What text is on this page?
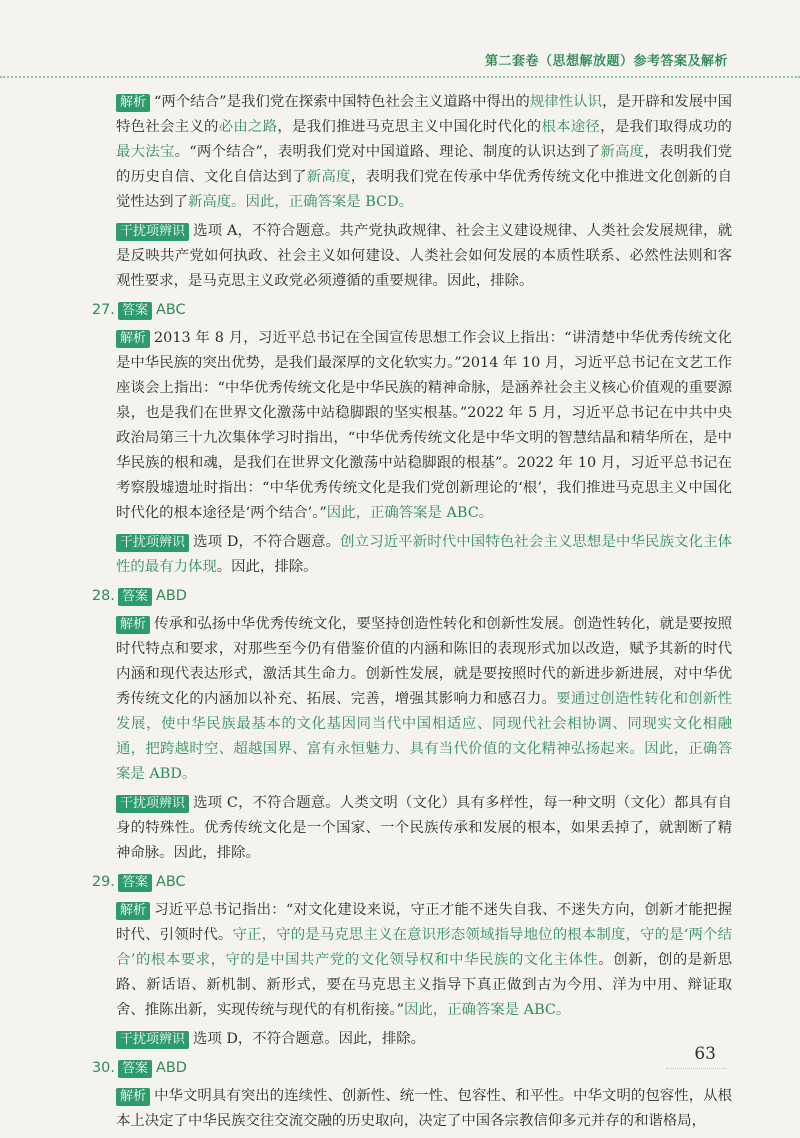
第二套卷（思想解放题）参考答案及解析

解析 “两个结合”是我们党在探索中国特色社会主义道路中得出的规律性认识，是开辟和发展中国特色社会主义的必由之路，是我们推进马克思主义中国化时代化的根本途径，是我们取得成功的最大法宝。“两个结合”，表明我们党对中国道路、理论、制度的认识达到了新高度，表明我们党的历史自信、文化自信达到了新高度，表明我们党在传承中华优秀传统文化中推进文化创新的自觉性达到了新高度。因此，正确答案是 BCD。

干扰项辨识 选项 A，不符合题意。共产党执政规律、社会主义建设规律、人类社会发展规律，就是反映共产党如何执政、社会主义如何建设、人类社会如何发展的本质性联系、必然性法则和客观性要求，是马克思主义政党必须遵循的重要规律。因此，排除。

27. 答案 ABC

解析 2013 年 8 月，习近平总书记在全国宣传思想工作会议上指出：“讲清楚中华优秀传统文化是中华民族的突出优势，是我们最深厚的文化软实力。”2014 年 10 月，习近平总书记在文艺工作座谈会上指出：“中华优秀传统文化是中华民族的精神命脉，是涵养社会主义核心价值观的重要源泉，也是我们在世界文化激荡中站稳脚跟的坚实根基。”2022 年 5 月，习近平总书记在中共中央政治局第三十九次集体学习时指出，“中华优秀传统文化是中华文明的智慧结晶和精华所在，是中华民族的根和魂，是我们在世界文化激荡中站稳脚跟的根基”。2022 年 10 月，习近平总书记在考察殷墟遗址时指出：“中华优秀传统文化是我们党创新理论的‘根’，我们推进马克思主义中国化时代化的根本途径是‘两个结合’。”因此，正确答案是 ABC。

干扰项辨识 选项 D，不符合题意。创立习近平新时代中国特色社会主义思想是中华民族文化主体性的最有力体现。因此，排除。

28. 答案 ABD

解析 传承和弘扬中华优秀传统文化，要坚持创造性转化和创新性发展。创造性转化，就是要按照时代特点和要求，对那些至今仍有借鉴价值的内涵和陈旧的表现形式加以改造，赋予其新的时代内涵和现代表达形式，激活其生命力。创新性发展，就是要按照时代的新进步新进展，对中华优秀传统文化的内涵加以补充、拓展、完善，增强其影响力和感召力。要通过创造性转化和创新性发展，使中华民族最基本的文化基因同当代中国相适应、同现代社会相协调、同现实文化相融通，把跨越时空、超越国界、富有永恒魅力、具有当代价值的文化精神弘扬起来。因此，正确答案是 ABD。

干扰项辨识 选项 C，不符合题意。人类文明（文化）具有多样性，每一种文明（文化）都具有自身的特殊性。优秀传统文化是一个国家、一个民族传承和发展的根本，如果丢掉了，就割断了精神命脉。因此，排除。

29. 答案 ABC

解析 习近平总书记指出：“对文化建设来说，守正才能不迷失自我、不迷失方向，创新才能把握时代、引领时代。守正，守的是马克思主义在意识形态领域指导地位的根本制度，守的是‘两个结合’的根本要求，守的是中国共产党的文化领导权和中华民族的文化主体性。创新，创的是新思路、新话语、新机制、新形式，要在马克思主义指导下真正做到古为今用、洋为中用、辩证取舍、推陈出新，实现传统与现代的有机衔接。”因此，正确答案是 ABC。

干扰项辨识 选项 D，不符合题意。因此，排除。

30. 答案 ABD

解析 中华文明具有突出的连续性、创新性、统一性、包容性、和平性。中华文明的包容性，从根本上决定了中华民族交往交流交融的历史取向，决定了中国各宗教信仰多元并存的和谐格局，

63
